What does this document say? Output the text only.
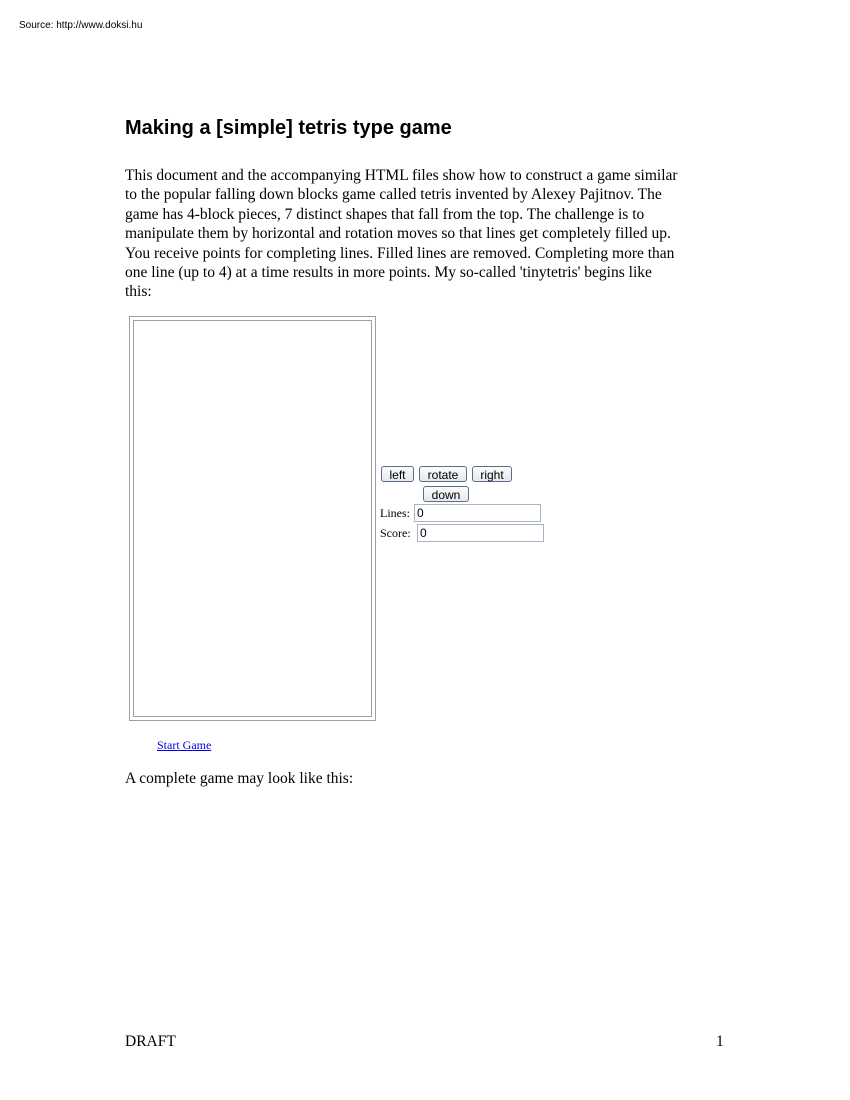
Source: http://www.doksi.hu
Making a [simple] tetris type game
This document and the accompanying HTML files show how to construct a game similar
to the popular falling down blocks game called tetris invented by Alexey Pajitnov. The
game has 4-block pieces, 7 distinct shapes that fall from the top. The challenge is to
manipulate them by horizontal and rotation moves so that lines get completely filled up.
You receive points for completing lines. Filled lines are removed. Completing more than
one line (up to 4) at a time results in more points. My so-called 'tinytetris' begins like
this:
left	rotate	right
down
Lines: 0
Score: 0
Start Game

A complete game may look like this:

DRAFT	1
